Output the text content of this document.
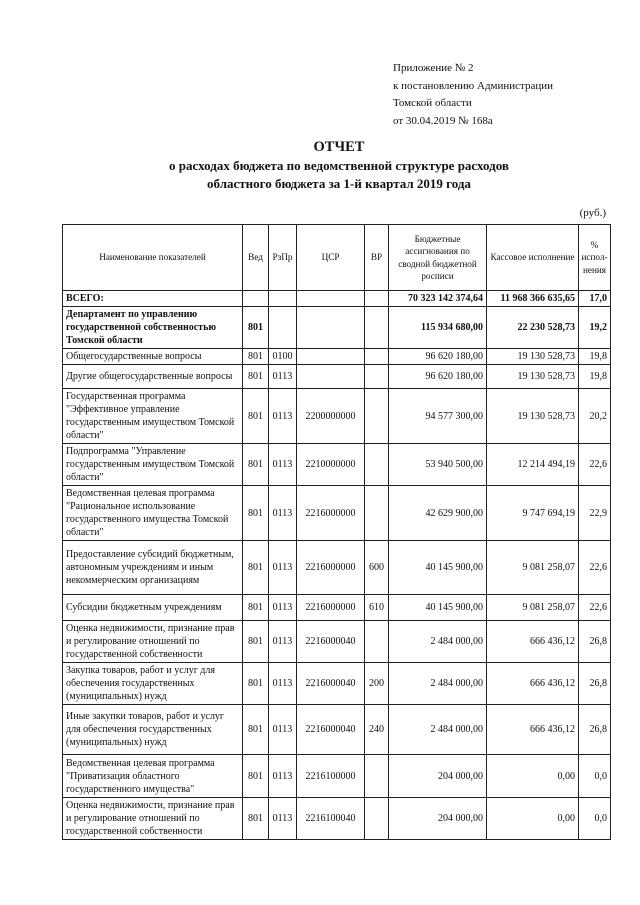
Приложение № 2
к постановлению Администрации
Томской области
от 30.04.2019 № 168а
ОТЧЕТ
о расходах бюджета по ведомственной структуре расходов
областного бюджета за 1-й квартал 2019 года
(руб.)
Наименование показателей	Вед	РзПр	ЦСР	ВР	Бюджетные ассигнования по сводной бюджетной росписи	Кассовое исполнение	%
испол-
нения
ВСЕГО:					70 323 142 374,64	11 968 366 635,65	17,0
Департамент по управлению государственной собственностью Томской области	801				115 934 680,00	22 230 528,73	19,2
Общегосударственные вопросы	801	0100			96 620 180,00	19 130 528,73	19,8
Другие общегосударственные вопросы	801	0113			96 620 180,00	19 130 528,73	19,8
Государственная программа "Эффективное управление государственным имуществом Томской области"	801	0113	2200000000		94 577 300,00	19 130 528,73	20,2
Подпрограмма "Управление государственным имуществом Томской области"	801	0113	2210000000		53 940 500,00	12 214 494,19	22,6
Ведомственная целевая программа "Рациональное использование государственного имущества Томской области"	801	0113	2216000000		42 629 900,00	9 747 694,19	22,9
Предоставление субсидий бюджетным, автономным учреждениям и иным некоммерческим организациям	801	0113	2216000000	600	40 145 900,00	9 081 258,07	22,6
Субсидии бюджетным учреждениям	801	0113	2216000000	610	40 145 900,00	9 081 258,07	22,6
Оценка недвижимости, признание прав и регулирование отношений по государственной собственности	801	0113	2216000040		2 484 000,00	666 436,12	26,8
Закупка товаров, работ и услуг для обеспечения государственных (муниципальных) нужд	801	0113	2216000040	200	2 484 000,00	666 436,12	26,8
Иные закупки товаров, работ и услуг для обеспечения государственных (муниципальных) нужд	801	0113	2216000040	240	2 484 000,00	666 436,12	26,8
Ведомственная целевая программа "Приватизация областного государственного имущества"	801	0113	2216100000		204 000,00	0,00	0,0
Оценка недвижимости, признание прав и регулирование отношений по государственной собственности	801	0113	2216100040		204 000,00	0,00	0,0
